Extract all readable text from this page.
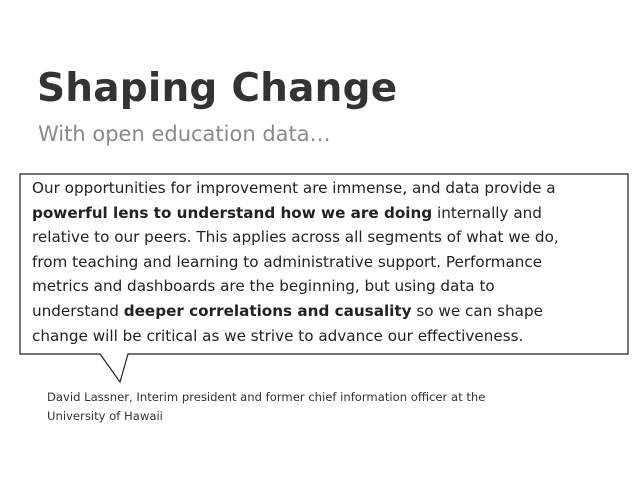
Shaping Change
With open education data…
Our opportunities for improvement are immense, and data provide a
powerful lens to understand how we are doing internally and
relative to our peers. This applies across all segments of what we do,
from teaching and learning to administrative support. Performance
metrics and dashboards are the beginning, but using data to
understand deeper correlations and causality so we can shape
change will be critical as we strive to advance our effectiveness.
David Lassner, Interim president and former chief information officer at the
University of Hawaii
